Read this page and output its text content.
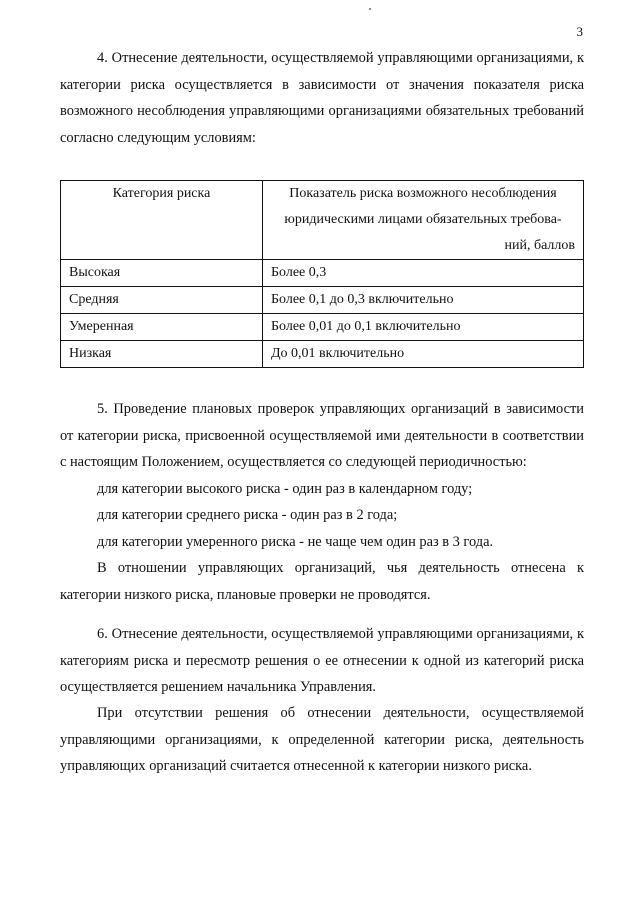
3

4. Отнесение деятельности, осуществляемой управляющими организациями, к категории риска осуществляется в зависимости от значения показателя риска возможного несоблюдения управляющими организациями обязательных требований согласно следующим условиям:

Категория риска	Показатель риска возможного несоблюдения
юридическими лицами обязательных требова-
ний, баллов

Высокая	Более 0,3
Средняя	Более 0,1 до 0,3 включительно
Умеренная	Более 0,01 до 0,1 включительно
Низкая	До 0,01 включительно

5. Проведение плановых проверок управляющих организаций в зависимости от категории риска, присвоенной осуществляемой ими деятельности в соответствии с настоящим Положением, осуществляется со следующей периодичностью:

для категории высокого риска - один раз в календарном году;

для категории среднего риска - один раз в 2 года;

для категории умеренного риска - не чаще чем один раз в 3 года.

В отношении управляющих организаций, чья деятельность отнесена к категории низкого риска, плановые проверки не проводятся.

6. Отнесение деятельности, осуществляемой управляющими организациями, к категориям риска и пересмотр решения о ее отнесении к одной из категорий риска осуществляется решением начальника Управления.

При отсутствии решения об отнесении деятельности, осуществляемой управляющими организациями, к определенной категории риска, деятельность управляющих организаций считается отнесенной к категории низкого риска.
